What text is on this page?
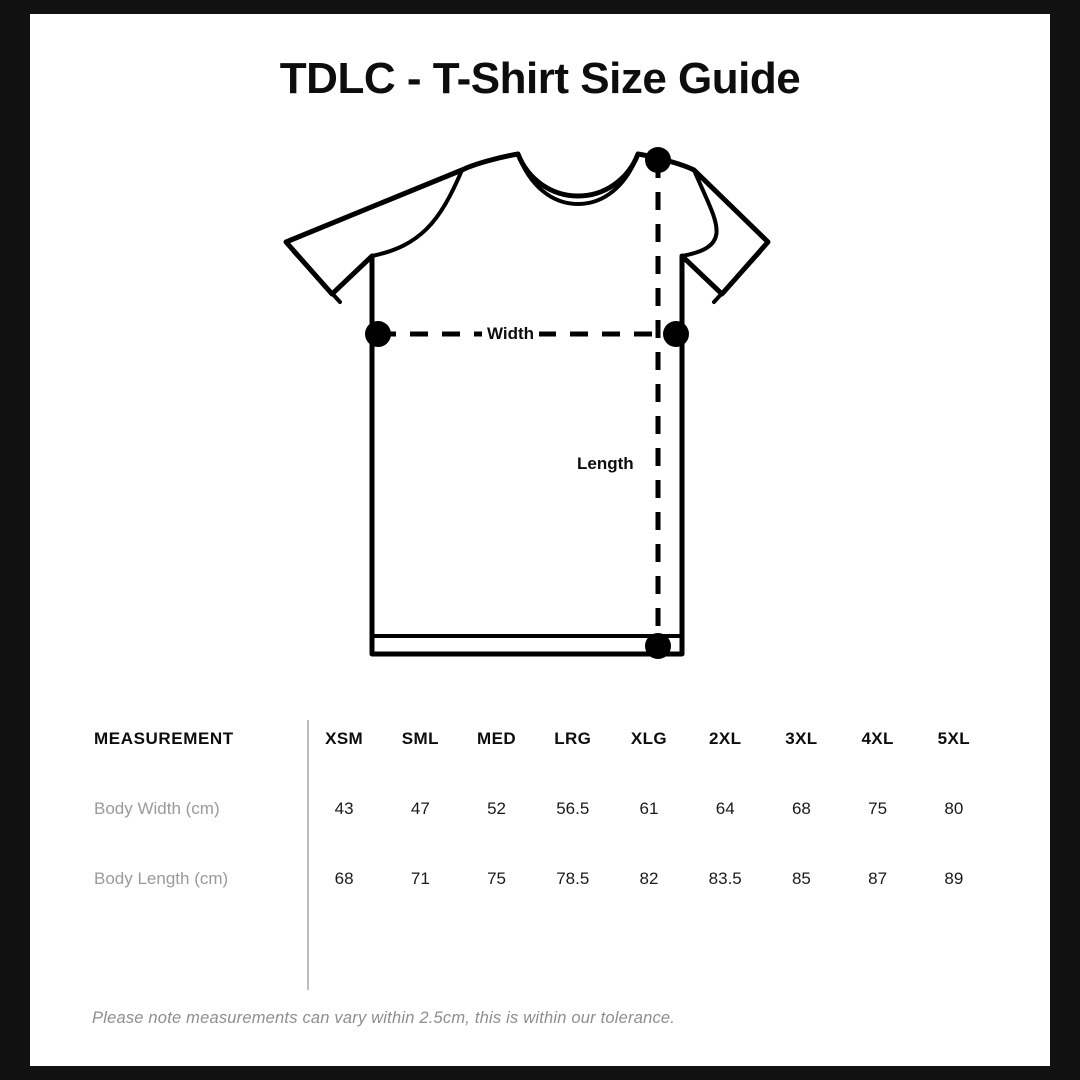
TDLC - T-Shirt Size Guide
Width
Length
MEASUREMENT	XSM	SML	MED	LRG	XLG	2XL	3XL	4XL	5XL
Body Width (cm)	43	47	52	56.5	61	64	68	75	80
Body Length (cm)	68	71	75	78.5	82	83.5	85	87	89
Please note measurements can vary within 2.5cm, this is within our tolerance.
